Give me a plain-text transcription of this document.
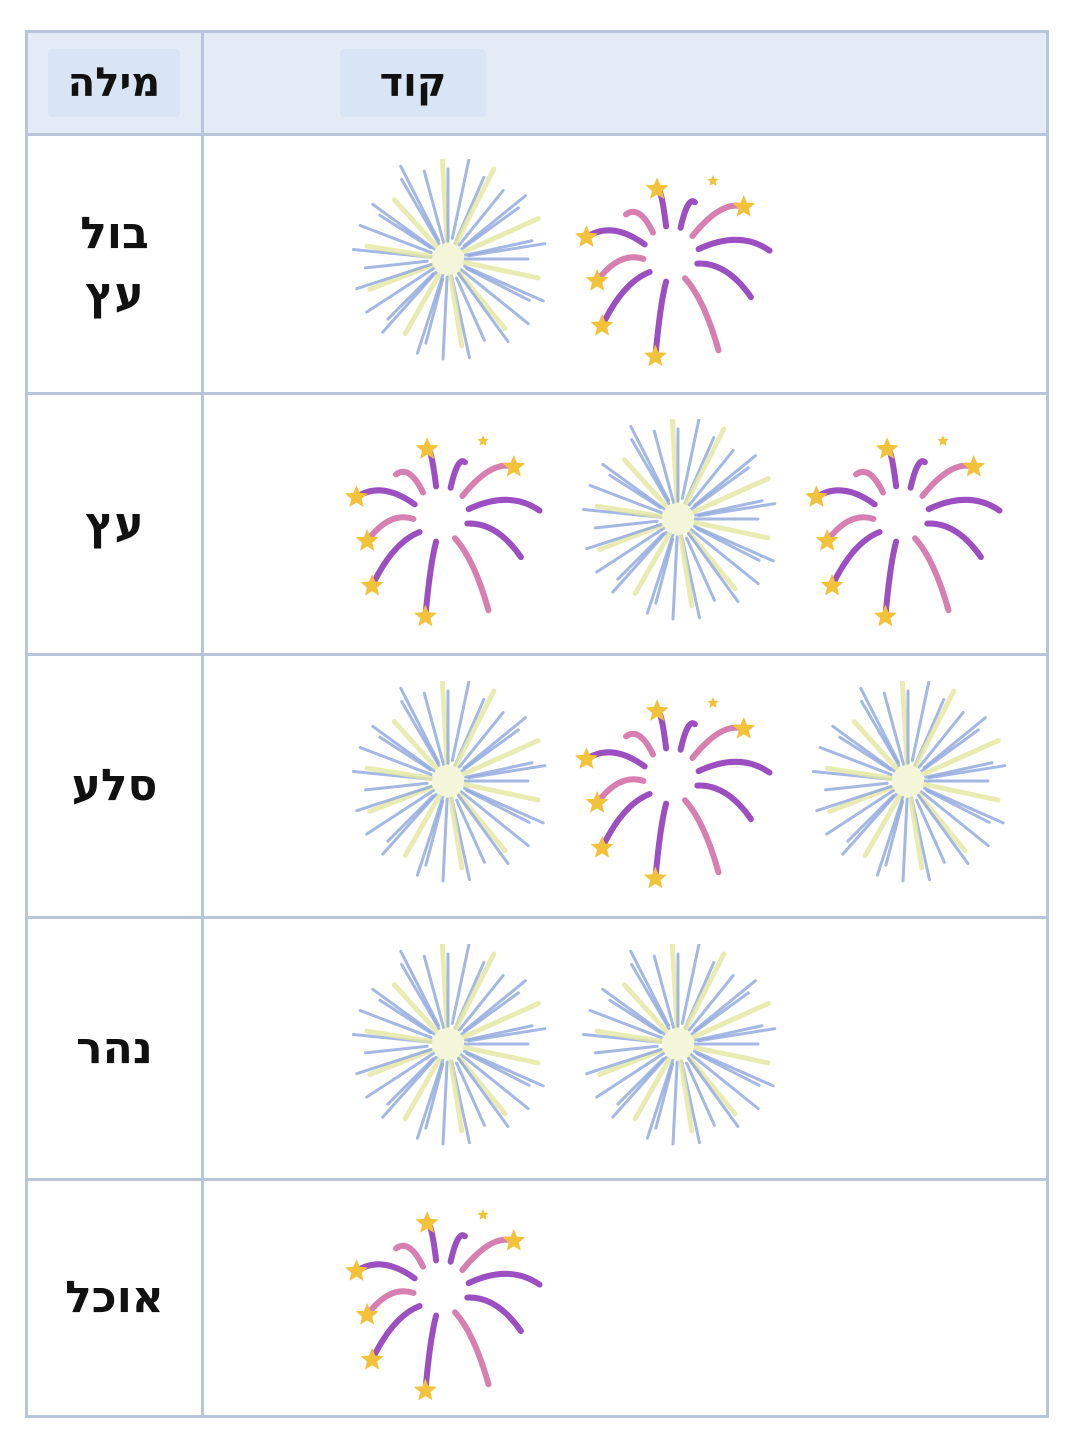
מילה	קוד
בול
עץ
עץ
סלע
נהר
אוכל
